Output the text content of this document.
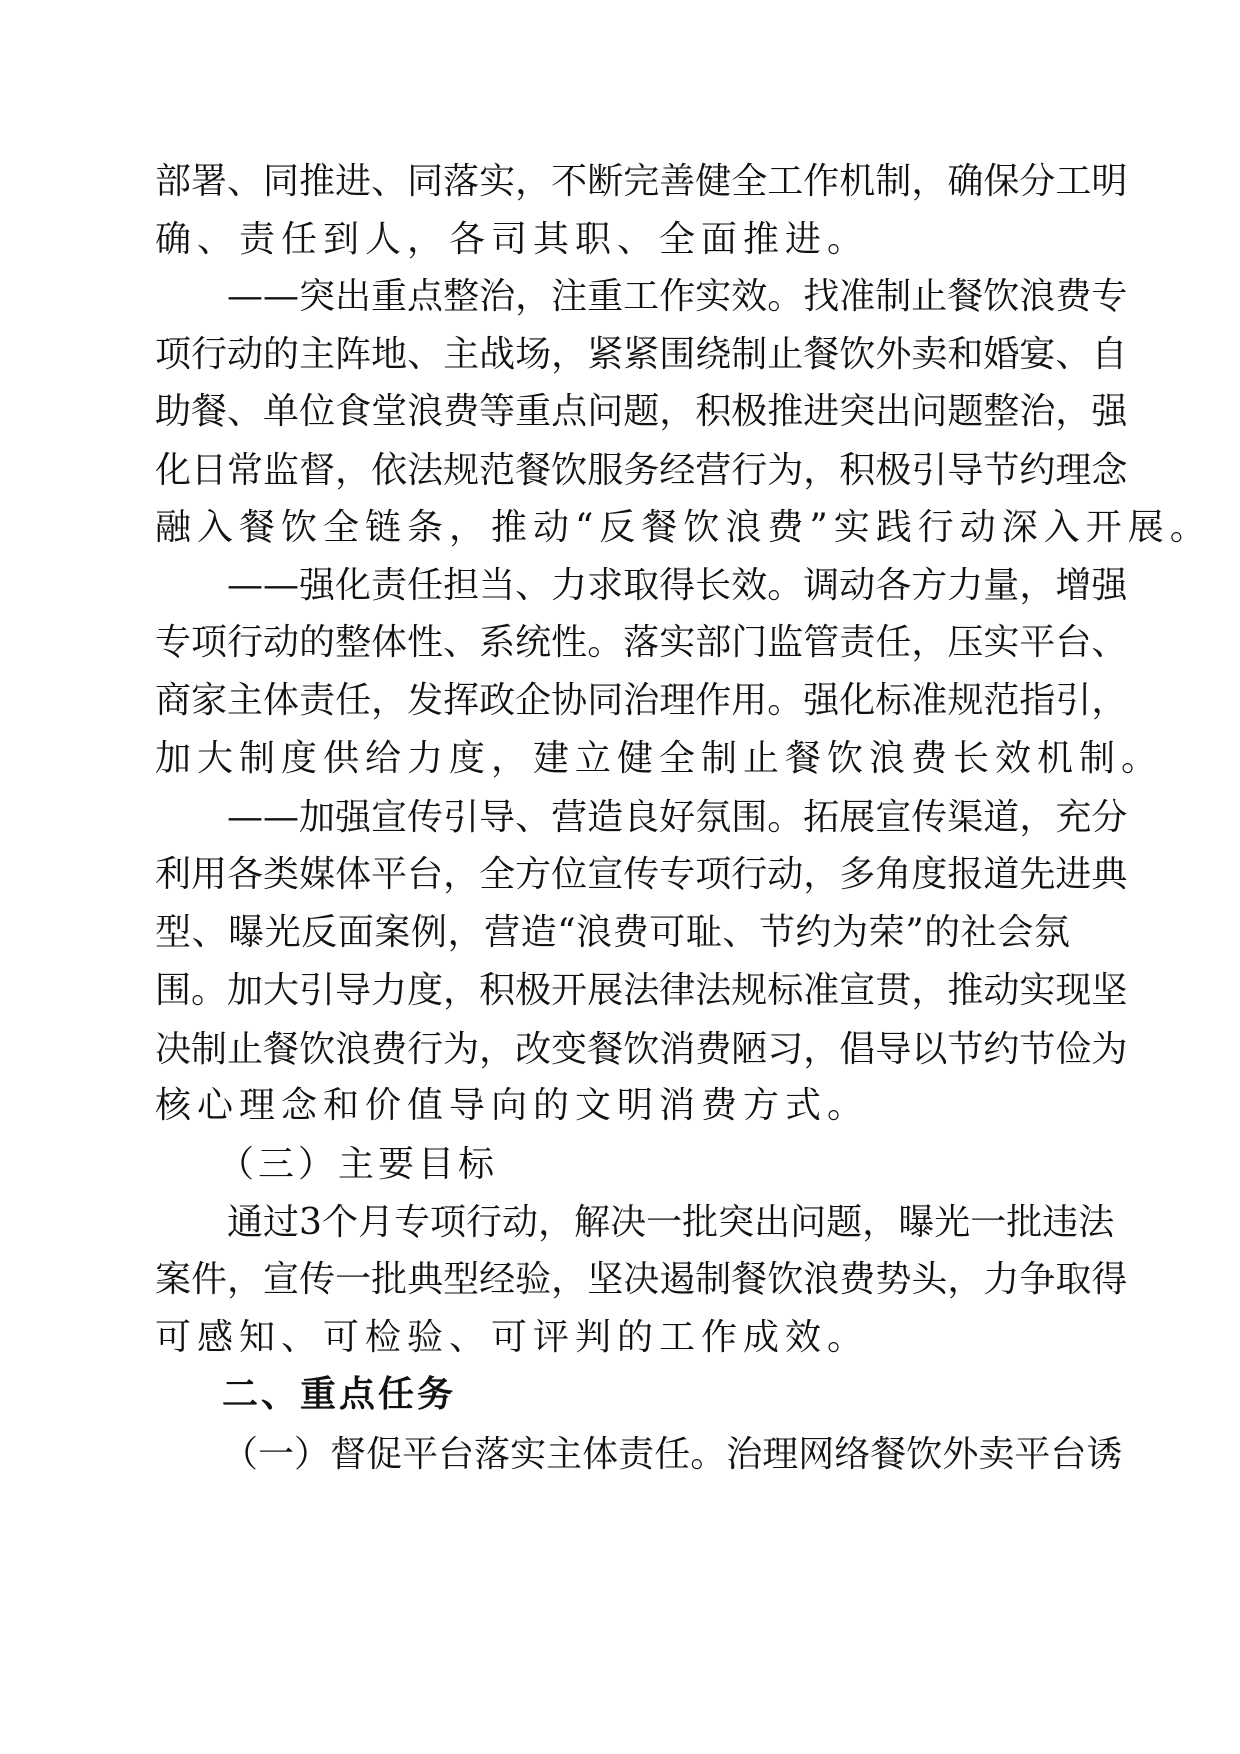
部 署 、 同 推 进 、 同 落 实 ， 不 断 完 善 健 全 工 作 机 制 ， 确 保 分 工 明
确、责任到人，各司其职、全面推进。
— — 突 出 重 点 整 治 ， 注 重 工 作 实 效 。 找 准 制 止 餐 饮 浪 费 专
项 行 动 的 主 阵 地 、 主 战 场 ， 紧 紧 围 绕 制 止 餐 饮 外 卖 和 婚 宴 、 自
助 餐 、 单 位 食 堂 浪 费 等 重 点 问 题 ， 积 极 推 进 突 出 问 题 整 治 ， 强
化 日 常 监 督 ， 依 法 规 范 餐 饮 服 务 经 营 行 为 ， 积 极 引 导 节 约 理 念
融入餐饮全链条，推动“反餐饮浪费”实践行动深入开展。
— — 强 化 责 任 担 当 、 力 求 取 得 长 效 。 调 动 各 方 力 量 ， 增 强
专 项 行 动 的 整 体 性 、 系 统 性 。 落 实 部 门 监 管 责 任 ， 压 实 平 台 、
商 家 主 体 责 任 ， 发 挥 政 企 协 同 治 理 作 用 。 强 化 标 准 规 范 指 引 ，
加大制度供给力度，建立健全制止餐饮浪费长效机制。
— — 加 强 宣 传 引 导 、 营 造 良 好 氛 围 。 拓 展 宣 传 渠 道 ， 充 分
利 用 各 类 媒 体 平 台 ， 全 方 位 宣 传 专 项 行 动 ， 多 角 度 报 道 先 进 典
型 、 曝 光 反 面 案 例 ， 营 造 “ 浪 费 可 耻 、 节 约 为 荣 ” 的 社 会 氛
围 。 加 大 引 导 力 度 ， 积 极 开 展 法 律 法 规 标 准 宣 贯 ， 推 动 实 现 坚
决 制 止 餐 饮 浪 费 行 为 ， 改 变 餐 饮 消 费 陋 习 ， 倡 导 以 节 约 节 俭 为
核心理念和价值导向的文明消费方式。
（三）主要目标
通 过 3 个 月 专 项 行 动 ， 解 决 一 批 突 出 问 题 ， 曝 光 一 批 违 法
案 件 ， 宣 传 一 批 典 型 经 验 ， 坚 决 遏 制 餐 饮 浪 费 势 头 ， 力 争 取 得
可感知、可检验、可评判的工作成效。
二、重点任务
（ 一 ） 督 促 平 台 落 实 主 体 责 任 。 治 理 网 络 餐 饮 外 卖 平 台 诱
